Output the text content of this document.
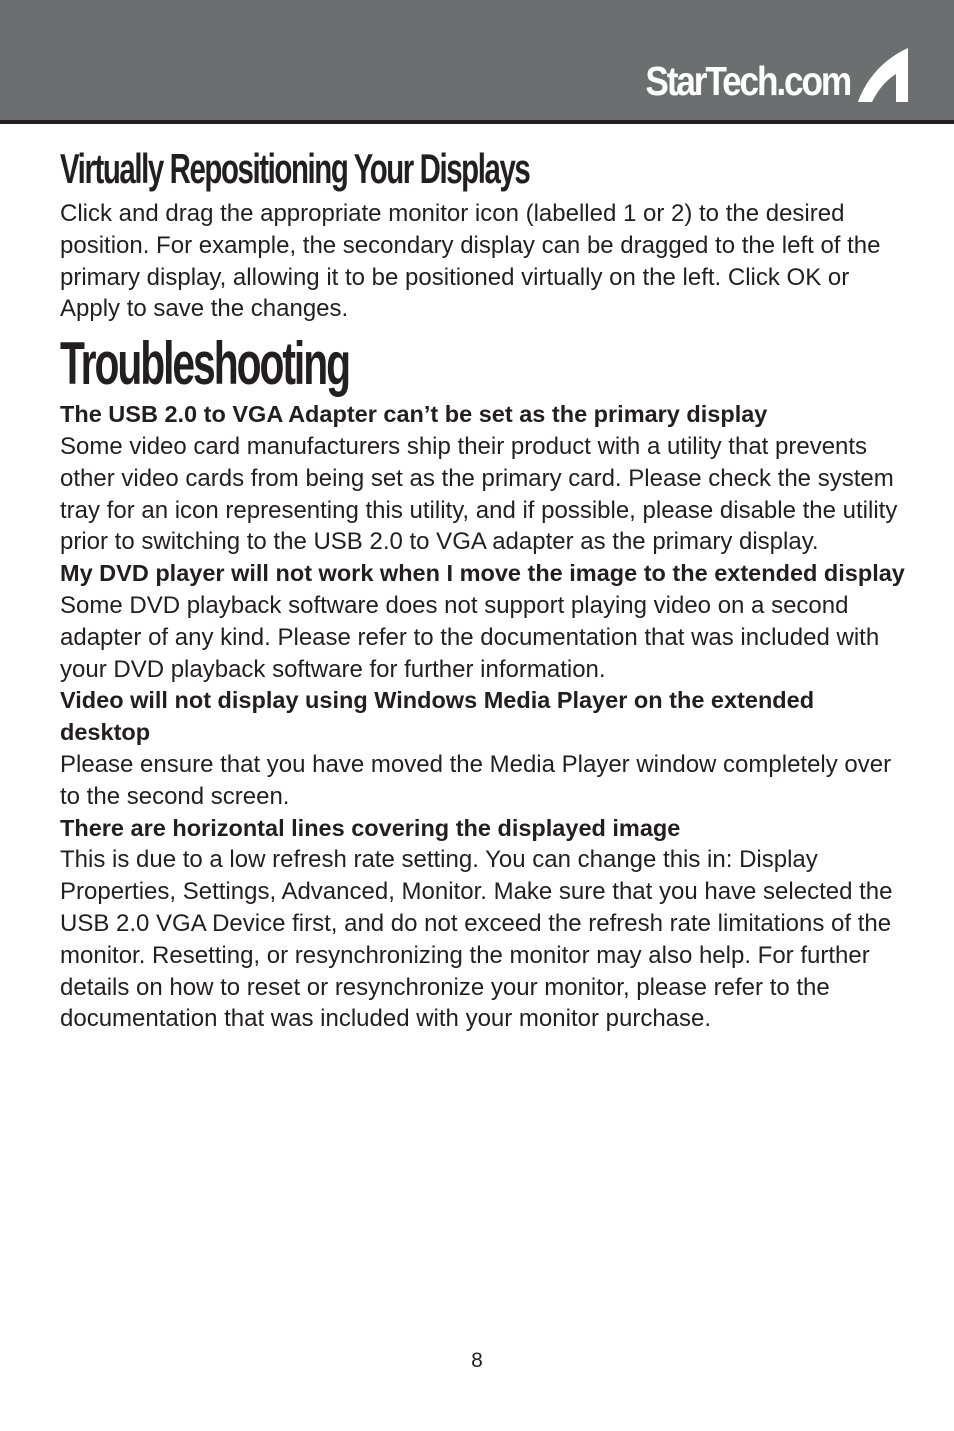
StarTech.com
Virtually Repositioning Your Displays

Click and drag the appropriate monitor icon (labelled 1 or 2) to the desired position. For example, the secondary display can be dragged to the left of the primary display, allowing it to be positioned virtually on the left. Click OK or Apply to save the changes.

Troubleshooting
The USB 2.0 to VGA Adapter can’t be set as the primary display

Some video card manufacturers ship their product with a utility that prevents other video cards from being set as the primary card. Please check the system tray for an icon representing this utility, and if possible, please disable the utility prior to switching to the USB 2.0 to VGA adapter as the primary display.

My DVD player will not work when I move the image to the extended display

Some DVD playback software does not support playing video on a second adapter of any kind. Please refer to the documentation that was included with your DVD playback software for further information.

Video will not display using Windows Media Player on the extended desktop

Please ensure that you have moved the Media Player window completely over to the second screen.

There are horizontal lines covering the displayed image

This is due to a low refresh rate setting. You can change this in: Display Properties, Settings, Advanced, Monitor. Make sure that you have selected the USB 2.0 VGA Device first, and do not exceed the refresh rate limitations of the monitor. Resetting, or resynchronizing the monitor may also help. For further details on how to reset or resynchronize your monitor, please refer to the documentation that was included with your monitor purchase.

8
